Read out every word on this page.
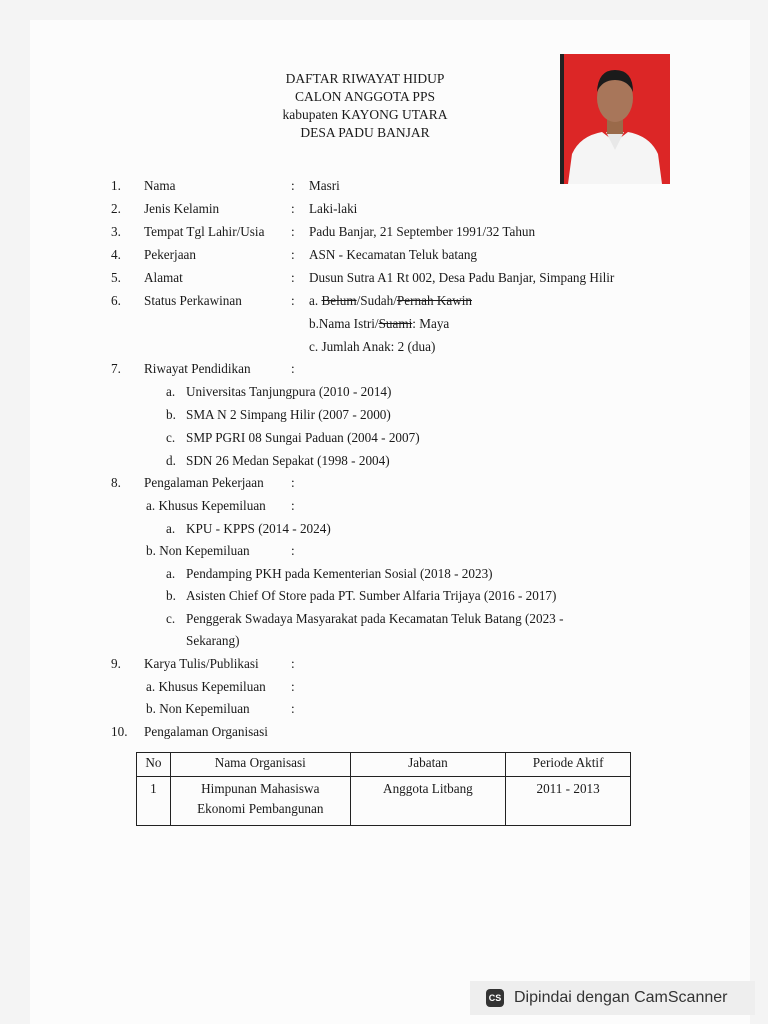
DAFTAR RIWAYAT HIDUP
CALON ANGGOTA PPS
kabupaten KAYONG UTARA
DESA PADU BANJAR
1. Nama	: Masri
2. Jenis Kelamin	: Laki-laki
3. Tempat Tgl Lahir/Usia : Padu Banjar, 21 September 1991/32 Tahun
4. Pekerjaan	: ASN - Kecamatan Teluk batang
5. Alamat	: Dusun Sutra A1 Rt 002, Desa Padu Banjar, Simpang Hilir
6. Status Perkawinan	: a. Belum/Sudah/Pernah Kawin
b.Nama Istri/Suami: Maya
c. Jumlah Anak: 2 (dua)
7. Riwayat Pendidikan	:
a. Universitas Tanjungpura (2010 - 2014)
b. SMA N 2 Simpang Hilir (2007 - 2000)
c. SMP PGRI 08 Sungai Paduan (2004 - 2007)
d. SDN 26 Medan Sepakat (1998 - 2004)
8. Pengalaman Pekerjaan :
a. Khusus Kepemiluan :
a. KPU - KPPS (2014 - 2024)
b. Non Kepemiluan	:
a. Pendamping PKH pada Kementerian Sosial (2018 - 2023)
b. Asisten Chief Of Store pada PT. Sumber Alfaria Trijaya (2016 - 2017)
c. Penggerak Swadaya Masyarakat pada Kecamatan Teluk Batang (2023 -
Sekarang)
9. Karya Tulis/Publikasi :
a. Khusus Kepemiluan :
b. Non Kepemiluan	:
10. Pengalaman Organisasi
No	Nama Organisasi	Jabatan	Periode Aktif
1	Himpunan Mahasiswa
Ekonomi Pembangunan	Anggota Litbang	2011 - 2013
CS Dipindai dengan CamScanner
